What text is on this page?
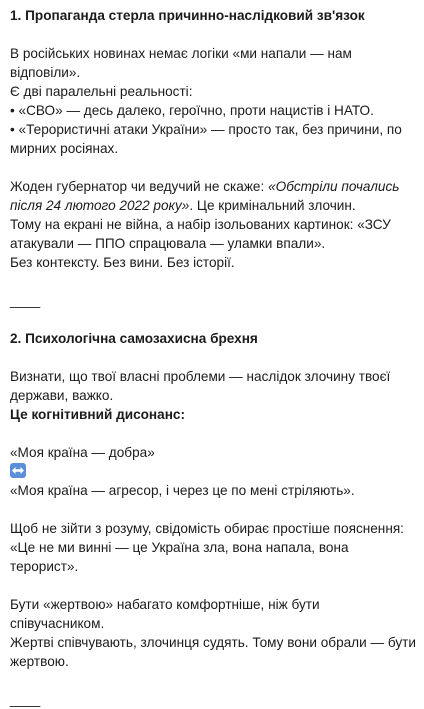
1. Пропаганда стерла причинно-наслідковий зв'язок

В російських новинах немає логіки «ми напали — нам відповіли».

Є дві паралельні реальності:

• «СВО» — десь далеко, героїчно, проти нацистів і НАТО.

• «Терористичні атаки України» — просто так, без причини, по

мирних росіянах.

Жоден губернатор чи ведучий не скаже: «Обстріли почались

після 24 лютого 2022 року». Це кримінальний злочин.

Тому на екрані не війна, а набір ізольованих картинок: «ЗСУ

атакували — ППО спрацювала — уламки впали».

Без контексту. Без вини. Без історії.

____

2. Психологічна самозахисна брехня

Визнати, що твої власні проблеми — наслідок злочину твоєї

держави, важко.

Це когнітивний дисонанс:

«Моя країна — добра»

«Моя країна — агресор, і через це по мені стріляють».

Щоб не зійти з розуму, свідомість обирає простіше пояснення:

«Це не ми винні — це Україна зла, вона напала, вона терорист».

Бути «жертвою» набагато комфортніше, ніж бути співучасником.

Жертві співчувають, злочинця судять. Тому вони обрали — бути

жертвою.

____
